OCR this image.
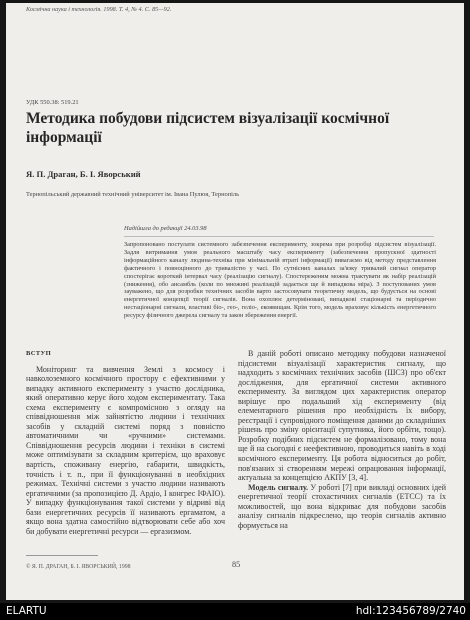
Космічна наука і технологія. 1998. Т. 4, № 4. С. 85—92.
УДК 550.38: 519.21
Методика побудови підсистем візуалізації космічної інформації
Я. П. Драган, Б. І. Яворський
Тернопільський державний технічний університет ім. Івана Пулюя, Тернопіль
Надійшла до редакції 24.03.98

Запропоновано постулати системного забезпечення експерименту, зокрема при розробці підсистем візуалізації. Задля витримання умов реального масштабу часу експерименту (забезпечення пропускної здатності інформаційного каналу людина-техніка при мінімальній втраті інформації) вивагаємо від методу представлення фактичного і повноцінного до тривалістю у часі. По сутнісних каналах за'язку тривалий сигнал оператор спостерігає короткий інтервал часу (реалізацію сигналу). Спостереженим можна трактувати як набір реалізацій (зниження), обо ансамбль (коли по множині реалізацій задається ще й випадкова міра). З поступованих умов зауважено, що для розробки технічних засобів варто застосовувати теоретичну модель, що будується на основі енергетичної концепції теорії сигналів. Вона охоплює детерміновані, випадкові стаціонарні та періодично нестаціонарні сигнали, властиві біо-, гео-, геліо-, екоявищам. Крім того, модель враховує кількість енергетичного ресурсу фізичного джерела сигналу та закон збереження енергії.

ВСТУП

Моніторинг та вивчення Землі з космосу і навколоземного космічного простору є ефективними у випадку активного експерименту з участю дослідника, який оперативно керує його ходом експериментату. Така схема експерименту є компромісною з огляду на співвідношення між зайнятістю людини і технічних засобів у складній системі поряд з повністю автоматичними чи «ручними» системами. Співвідношення ресурсів людини і техніки в системі може оптимізувати за складним критерієм, що враховує вартість, споживану енергію, габарити, швидкість, точність і т. п., при її функціонуванні в необхідних режимах. Технічні системи з участю людини називають ергатичними (за пропозицією Д. Ардіо, І конгрес ІФАІО). У випадку функціонування такої системи у відриві від бази енергетичних ресурсів її називають ергаматом, а якщо вона здатна самостійно відтворювати себе або хоч би добувати енергетичні ресурси — ергазизмом.

В даній роботі описано методику побудови назначеної підсистеми візуалізації характеристик сигналу, що надходить з космічних технічних засобів (ШСЗ) про об'єкт дослідження, для ергатичної системи активного експерименту. За виглядом цих характеристик оператор вирішує про подальший хід експерименту (від елементарного рішення про необхідність їх вибору, реєстрації і супровідного поміщення даними до складніших рішень про зміну орієнтації супутника, його орбіти, тощо). Розробку подібних підсистем не формалізовано, тому вона ще й на сьогодні є неефективною, проводиться навіть в ході космічного експерименту. Ця робота відноситься до робіт, пов'язаних зі створенням мережі опрацювання інформації, актуальна за концепцією АКПУ [3, 4].

Модель сигналу. У роботі [7] при викладі основних ідей енергетичної теорії стохастичних сигналів (ЕТСС) та їх можливостей, що вона відкриває для побудови засобів аналізу сигналів підкреслено, що теорія сигналів активно формується на

© Я. П. ДРАГАН, Б. І. ЯВОРСЬКИЙ, 1998	85
ELARTU	hdl:123456789/2740
